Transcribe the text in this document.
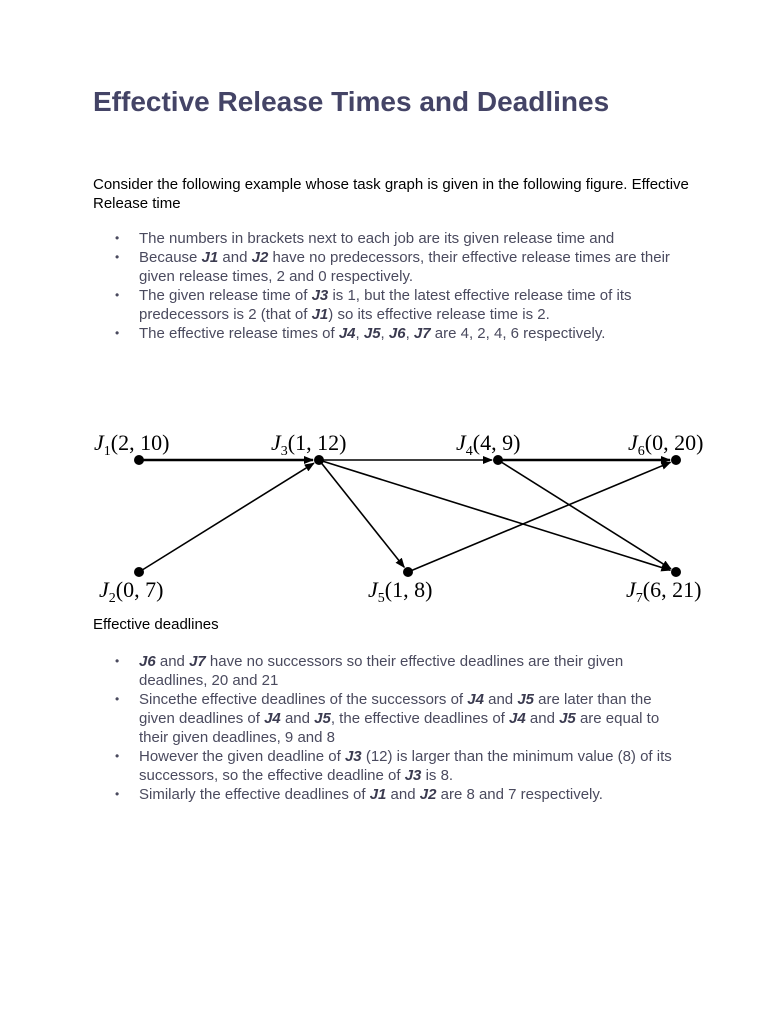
Effective Release Times and Deadlines

Consider the following example whose task graph is given in the following figure. Effective Release time

• The numbers in brackets next to each job are its given release time and
• Because J1 and J2 have no predecessors, their effective release times are their given release times, 2 and 0 respectively.
• The given release time of J3 is 1, but the latest effective release time of its predecessors is 2 (that of J1) so its effective release time is 2.
• The effective release times of J4, J5, J6, J7 are 4, 2, 4, 6 respectively.
$J_1(2$, 10)
$J_2(0$, 7)
$J_3(1$, 12)	$J_4(4$, 9)
$J_5(1$, 8)
$J_6(0$, 20)
$J_7(6$, 21)

Effective deadlines

• J6 and J7 have no successors so their effective deadlines are their given deadlines, 20 and 21
• Sincethe effective deadlines of the successors of J4 and J5 are later than the given deadlines of J4 and J5, the effective deadlines of J4 and J5 are equal to their given deadlines, 9 and 8
• However the given deadline of J3 (12) is larger than the minimum value (8) of its successors, so the effective deadline of J3 is 8.
• Similarly the effective deadlines of J1 and J2 are 8 and 7 respectively.
